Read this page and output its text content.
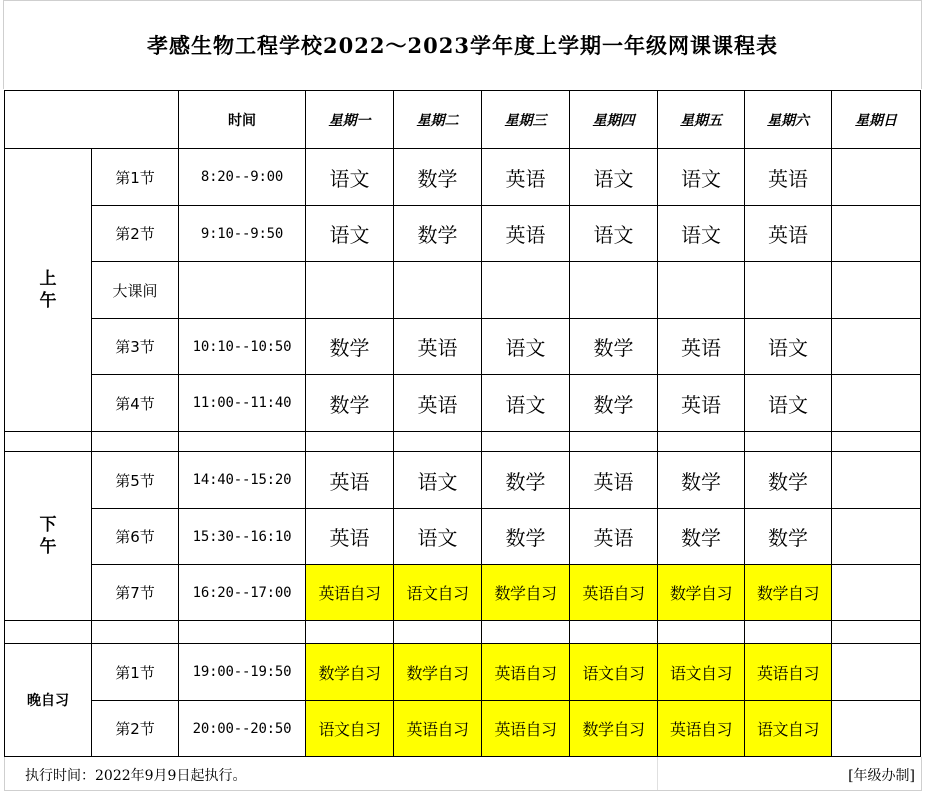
孝感生物工程学校2022～2023学年度上学期一年级网课课程表
		时间	星期一	星期二	星期三	星期四	星期五	星期六	星期日

上午	第1节	8:20--9:00	语文	数学	英语	语文	语文	英语	
	第2节	9:10--9:50	语文	数学	英语	语文	语文	英语	
	大课间								
	第3节	10:10--10:50	数学	英语	语文	数学	英语	语文	
	第4节	11:00--11:40	数学	英语	语文	数学	英语	语文	

下午	第5节	14:40--15:20	英语	语文	数学	英语	数学	数学	
	第6节	15:30--16:10	英语	语文	数学	英语	数学	数学	
	第7节	16:20--17:00	英语自习	语文自习	数学自习	英语自习	数学自习	数学自习	

晚自习	第1节	19:00--19:50	数学自习	数学自习	英语自习	语文自习	语文自习	英语自习	
	第2节	20:00--20:50	语文自习	英语自习	英语自习	数学自习	英语自习	语文自习	
执行时间：2022年9月9日起执行。	[年级办制]
